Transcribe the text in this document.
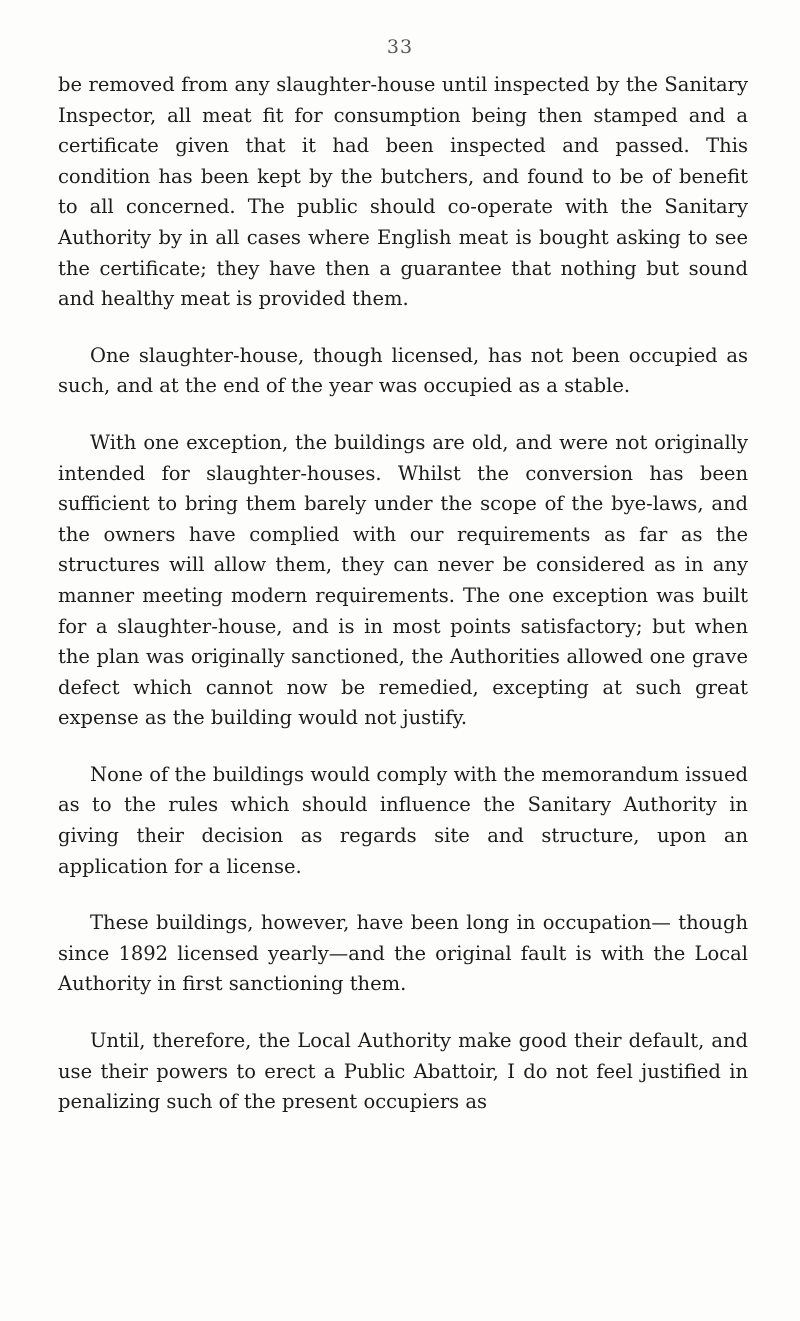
33

be removed from any slaughter-house until inspected by the Sanitary Inspector, all meat fit for consumption being then stamped and a certificate given that it had been inspected and passed. This condition has been kept by the butchers, and found to be of benefit to all concerned. The public should co-operate with the Sanitary Authority by in all cases where English meat is bought asking to see the certificate; they have then a guarantee that nothing but sound and healthy meat is provided them.

One slaughter-house, though licensed, has not been occupied as such, and at the end of the year was occupied as a stable.

With one exception, the buildings are old, and were not originally intended for slaughter-houses. Whilst the conversion has been sufficient to bring them barely under the scope of the bye-laws, and the owners have complied with our requirements as far as the structures will allow them, they can never be considered as in any manner meeting modern requirements. The one exception was built for a slaughter-house, and is in most points satisfactory; but when the plan was originally sanctioned, the Authorities allowed one grave defect which cannot now be remedied, excepting at such great expense as the building would not justify.

None of the buildings would comply with the memorandum issued as to the rules which should influence the Sanitary Authority in giving their decision as regards site and structure, upon an application for a license.

These buildings, however, have been long in occupation— though since 1892 licensed yearly—and the original fault is with the Local Authority in first sanctioning them.

Until, therefore, the Local Authority make good their default, and use their powers to erect a Public Abattoir, I do not feel justified in penalizing such of the present occupiers as
